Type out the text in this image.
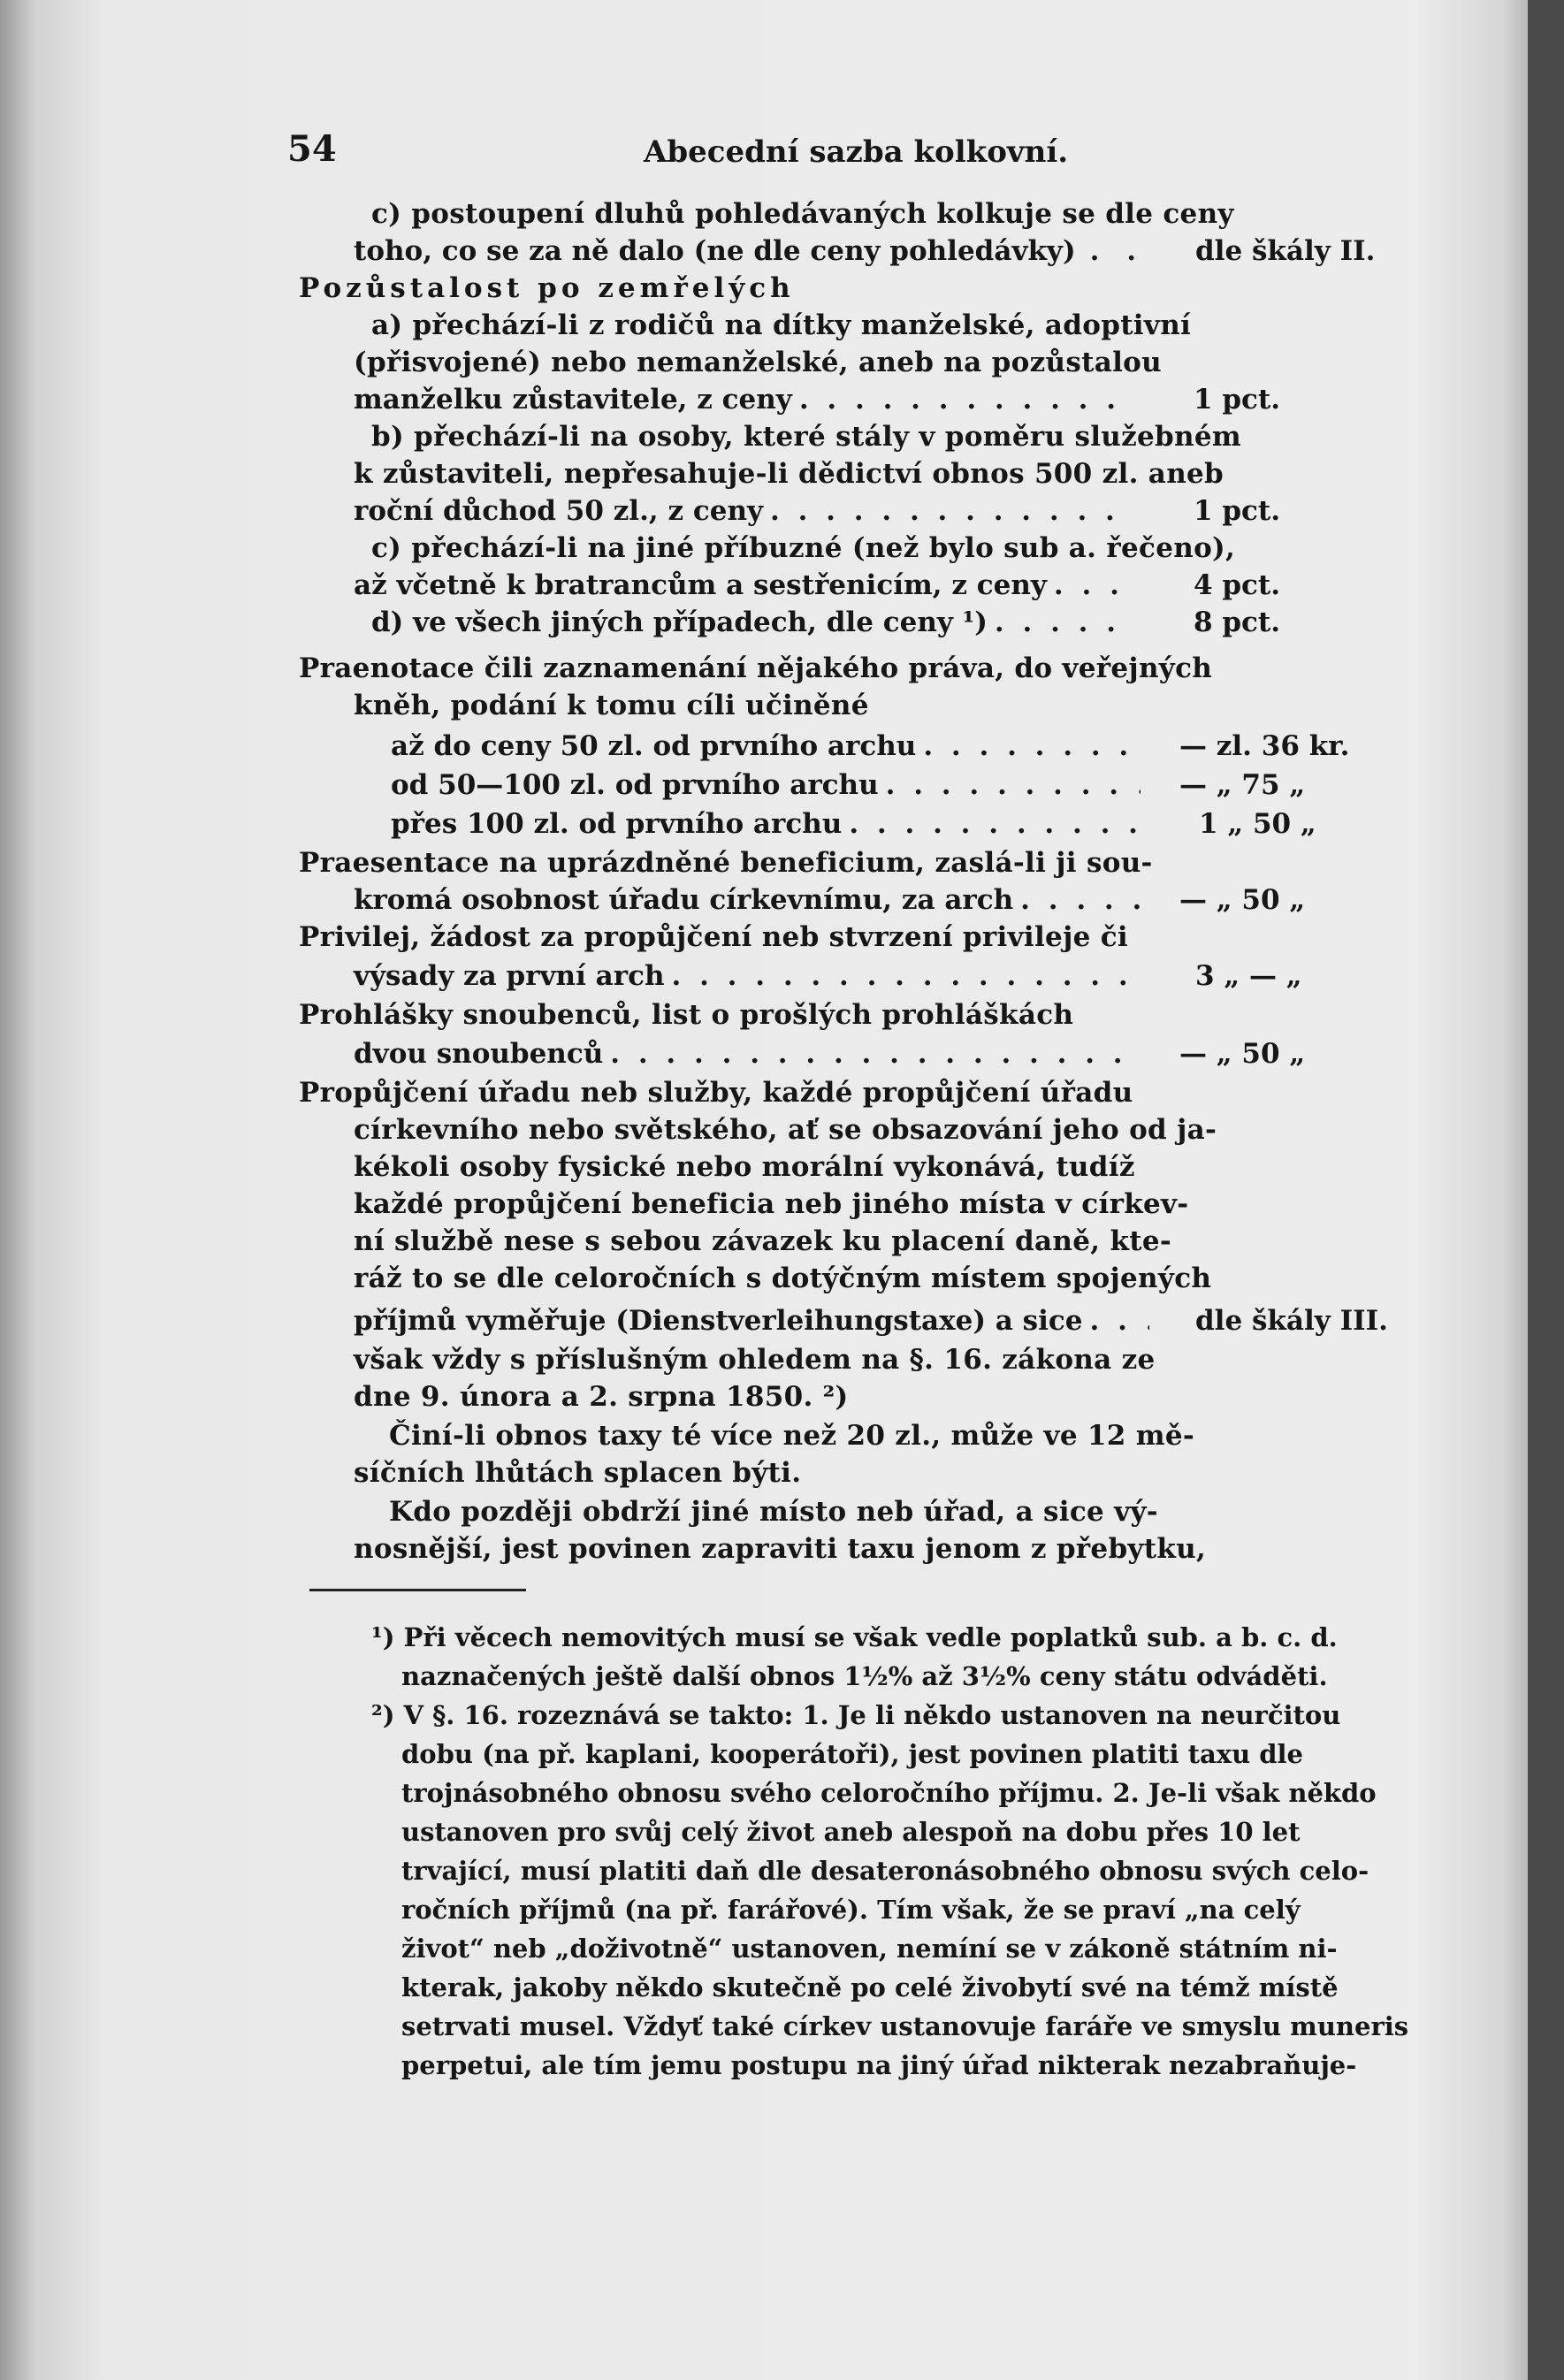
54	Abecední sazba kolkovní.
c) postoupení dluhů pohledávaných kolkuje se dle ceny
toho, co se za ně dalo (ne dle ceny pohledávky) . . dle škály II.
Pozůstalost po zemřelých
a) přechází-li z rodičů na dítky manželské, adoptivní
(přisvojené) nebo nemanželské, aneb na pozůstalou
manželku zůstavitele, z ceny . . .	1 pct.
b) přechází-li na osoby, které stály v poměru služebném
k zůstaviteli, nepřesahuje-li dědictví obnos 500 zl. aneb
roční důchod 50 zl., z ceny . . .	1 pct.
c) přechází-li na jiné příbuzné (než bylo sub a. řečeno),
až včetně k bratrancům a sestřenicím, z ceny . . .	4 pct.
d) ve všech jiných případech, dle ceny ¹) . . .	8 pct.
Praenotace čili zaznamenání nějakého práva, do veřejných
kněh, podání k tomu cíli učiněné
až do ceny 50 zl. od prvního archu . . .	— zl. 36 kr.
od 50—100 zl. od prvního archu . . .	— „ 75 „
přes 100 zl. od prvního archu . . .	1 „ 50 „
Praesentace na uprázdněné beneficium, zaslá-li ji sou-
kromá osobnost úřadu církevnímu, za arch . . .	— „ 50 „
Privilej, žádost za propůjčení neb stvrzení privileje či
výsady za první arch . . .	3 „ — „
Prohlášky snoubenců, list o prošlých prohláškách
dvou snoubenců . . .	— „ 50 „
Propůjčení úřadu neb služby, každé propůjčení úřadu
církevního nebo světského, ať se obsazování jeho od ja-
kékoli osoby fysické nebo morální vykonává, tudíž
každé propůjčení beneficia neb jiného místa v církev-
ní službě nese s sebou závazek ku placení daně, kte-
ráž to se dle celoročních s dotýčným místem spojených
příjmů vyměřuje (Dienstverleihungstaxe) a sice . . .	dle škály III.
však vždy s příslušným ohledem na §. 16. zákona ze
dne 9. února a 2. srpna 1850. ²)
Činí-li obnos taxy té více než 20 zl., může ve 12 mě-
síčních lhůtách splacen býti.
Kdo později obdrží jiné místo neb úřad, a sice vý-
nosnější, jest povinen zapraviti taxu jenom z přebytku,
¹) Při věcech nemovitých musí se však vedle poplatků sub. a b. c. d.
naznačených ještě další obnos 1½% až 3½% ceny státu odváděti.
²) V §. 16. rozeznává se takto: 1. Je li někdo ustanoven na neurčitou
dobu (na př. kaplani, kooperátoři), jest povinen platiti taxu dle
trojnásobného obnosu svého celoročního příjmu. 2. Je-li však někdo
ustanoven pro svůj celý život aneb alespoň na dobu přes 10 let
trvající, musí platiti daň dle desateronásobného obnosu svých celo-
ročních příjmů (na př. farářové). Tím však, že se praví „na celý
život“ neb „doživotně“ ustanoven, nemíní se v zákoně státním ni-
kterak, jakoby někdo skutečně po celé živobytí své na témž místě
setrvati musel. Vždyť také církev ustanovuje faráře ve smyslu muneris
perpetui, ale tím jemu postupu na jiný úřad nikterak nezabraňuje-
